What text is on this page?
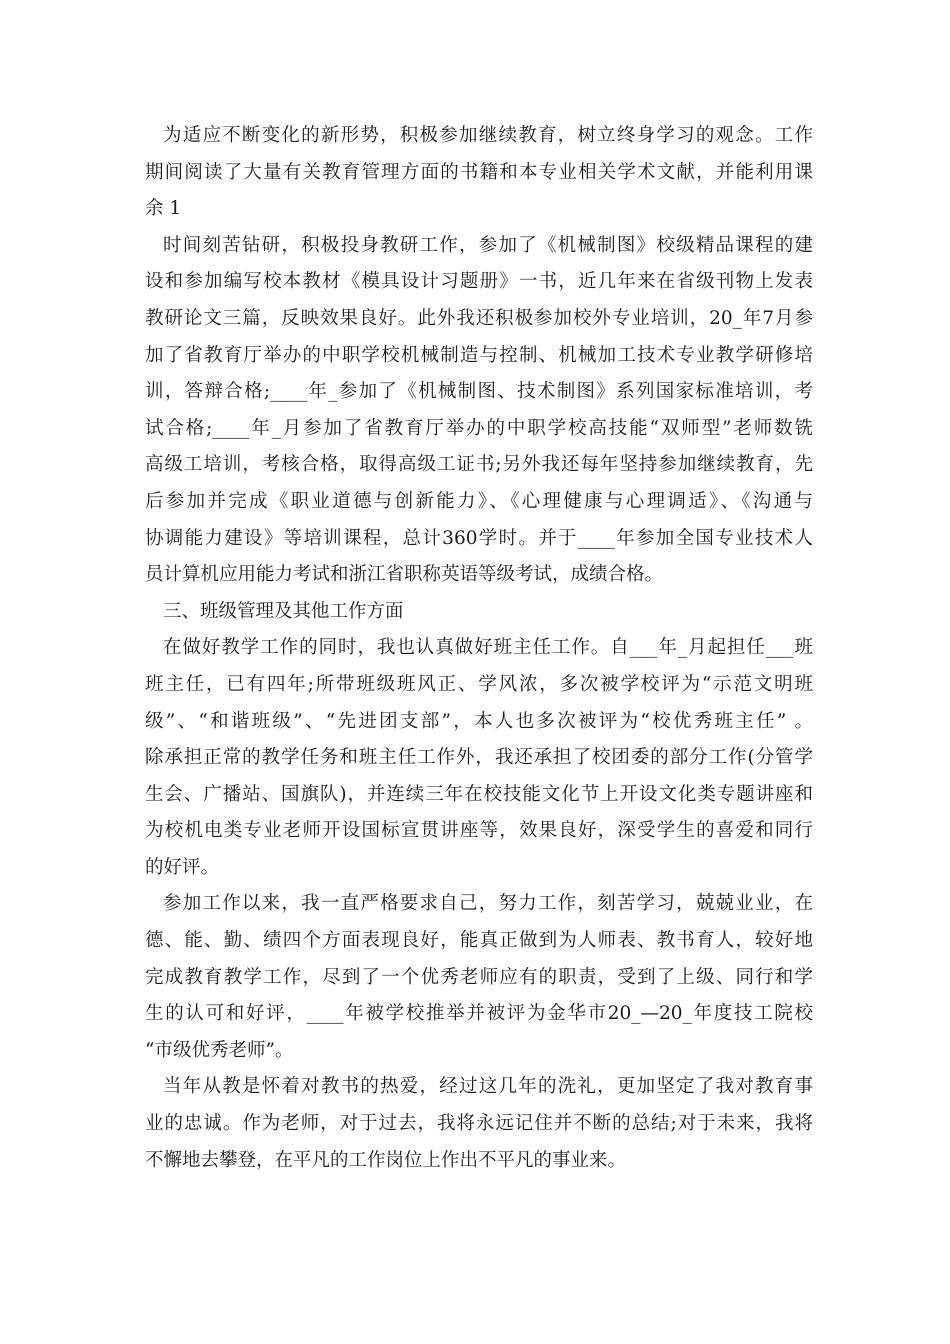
为适应不断变化的新形势，积极参加继续教育，树立终身学习的观念。工作
期间阅读了大量有关教育管理方面的书籍和本专业相关学术文献，并能利用课
余 1
时间刻苦钻研，积极投身教研工作，参加了《机械制图》校级精品课程的建
设和参加编写校本教材《模具设计习题册》一书，近几年来在省级刊物上发表
教研论文三篇，反映效果良好。此外我还积极参加校外专业培训，20_年7月参
加了省教育厅举办的中职学校机械制造与控制、机械加工技术专业教学研修培
训，答辩合格;____年_参加了《机械制图、技术制图》系列国家标准培训，考
试合格;____年_月参加了省教育厅举办的中职学校高技能“双师型”老师数铣
高级工培训，考核合格，取得高级工证书;另外我还每年坚持参加继续教育，先
后参加并完成《职业道德与创新能力》、《心理健康与心理调适》、《沟通与
协调能力建设》等培训课程，总计360学时。并于____年参加全国专业技术人
员计算机应用能力考试和浙江省职称英语等级考试，成绩合格。
三、班级管理及其他工作方面
在做好教学工作的同时，我也认真做好班主任工作。自___年_月起担任___班
班主任，已有四年;所带班级班风正、学风浓，多次被学校评为“示范文明班
级”、“和谐班级”、“先进团支部”，本人也多次被评为“校优秀班主任” 。
除承担正常的教学任务和班主任工作外，我还承担了校团委的部分工作(分管学
生会、广播站、国旗队)，并连续三年在校技能文化节上开设文化类专题讲座和
为校机电类专业老师开设国标宣贯讲座等，效果良好，深受学生的喜爱和同行
的好评。
参加工作以来，我一直严格要求自己，努力工作，刻苦学习，兢兢业业，在
德、能、勤、绩四个方面表现良好，能真正做到为人师表、教书育人，较好地
完成教育教学工作，尽到了一个优秀老师应有的职责，受到了上级、同行和学
生的认可和好评，____年被学校推举并被评为金华市20_—20_年度技工院校
“市级优秀老师”。
当年从教是怀着对教书的热爱，经过这几年的洗礼，更加坚定了我对教育事
业的忠诚。作为老师，对于过去，我将永远记住并不断的总结;对于未来，我将
不懈地去攀登，在平凡的工作岗位上作出不平凡的事业来。
